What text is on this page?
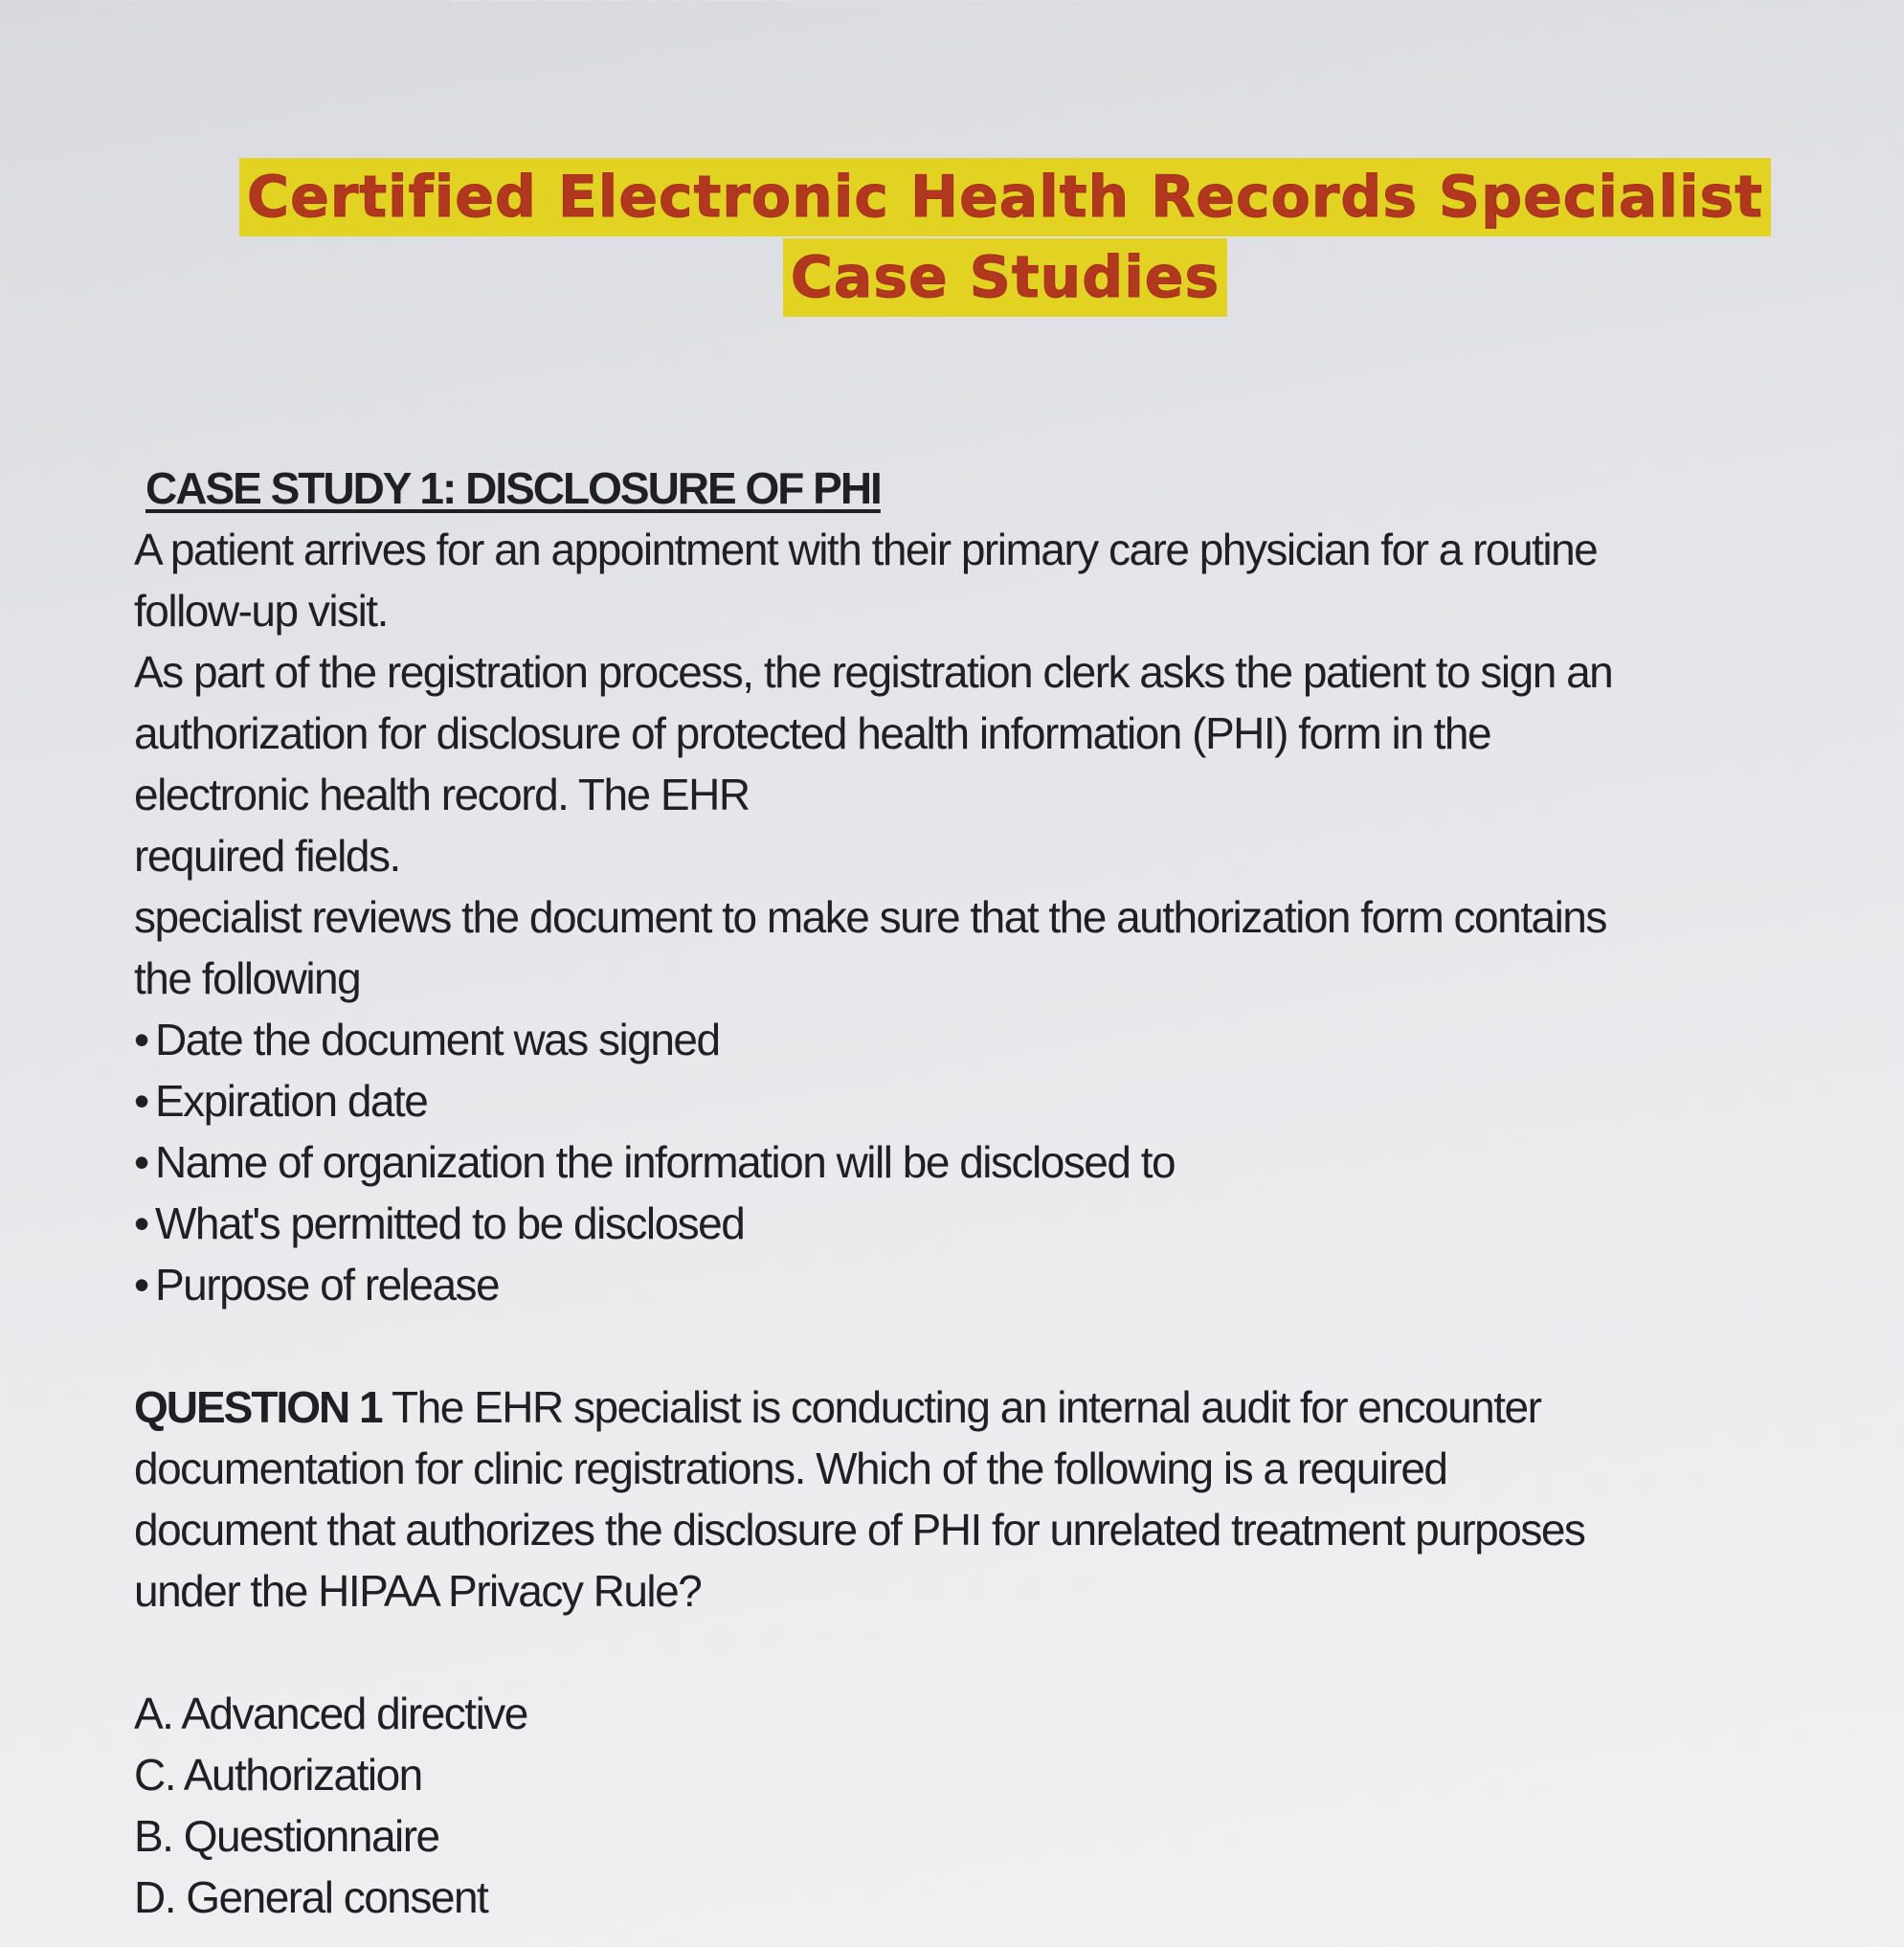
Certified Electronic Health Records Specialist
Case Studies
CASE STUDY 1: DISCLOSURE OF PHI

A patient arrives for an appointment with their primary care physician for a routine

follow-up visit.

As part of the registration process, the registration clerk asks the patient to sign an

authorization for disclosure of protected health information (PHI) form in the

electronic health record. The EHR

required fields.

specialist reviews the document to make sure that the authorization form contains

the following

• Date the document was signed
• Expiration date
• Name of organization the information will be disclosed to
• What's permitted to be disclosed
• Purpose of release

QUESTION 1 The EHR specialist is conducting an internal audit for encounter

documentation for clinic registrations. Which of the following is a required

document that authorizes the disclosure of PHI for unrelated treatment purposes

under the HIPAA Privacy Rule?

A. Advanced directive

C. Authorization

B. Questionnaire

D. General consent
